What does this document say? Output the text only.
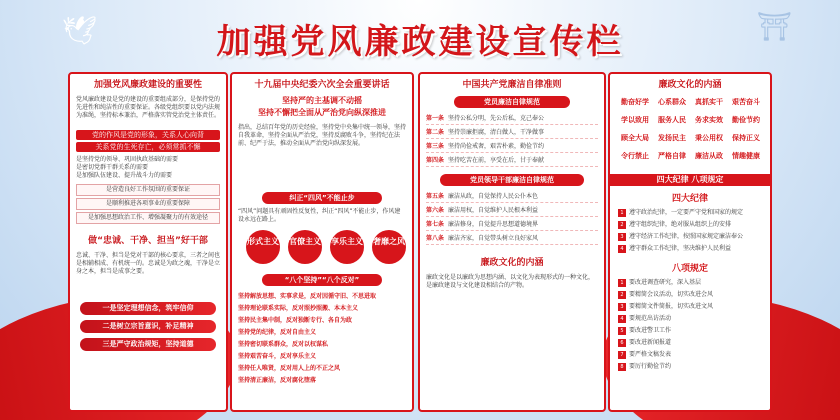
🕊	⛩
加强党风廉政建设宣传栏
加强党风廉政建设的重要性
党风廉政建设是党的建设的重要组成部分，是保持党的先进性和纯洁性的重要保证。各级党组织要以党内法规为准绳，坚持标本兼治，严格落实管党治党主体责任。
党的作风是党的形象，关系人心向背
关系党的生死存亡，必须常抓不懈
是坚持党的领导、巩固执政基础的需要
是密切党群干群关系的需要
是加强队伍建设、提升战斗力的需要
是营造良好工作氛围的重要保证
是顺利推进各项事业的重要保障
是加强思想政治工作、增强凝聚力的有效途径
做“忠诚、干净、担当”好干部
忠诚、干净、担当是党对干部的核心要求，三者之间也是相辅相成、有机统一的。忠诚是为政之魂，干净是立身之本，担当是成事之要。
一是坚定理想信念，筑牢信仰
二是树立宗旨意识，补足精神
三是严守政治规矩，坚持道德
十九届中央纪委六次全会重要讲话
坚持严的主基调不动摇
坚持不懈把全面从严治党向纵深推进
指出，总结百年党的历史经验，坚持党中央集中统一领导，坚持自我革命，坚持全面从严治党，坚持反腐败斗争，坚持纪在法前、纪严于法，推动全面从严治党向纵深发展。
纠正“四风”不能止步
“四风”问题具有顽固性反复性，纠正“四风”不能止步，作风建设永远在路上。
形式主义 官僚主义 享乐主义 奢靡之风
“八个坚持”“八个反对”
坚持解放思想、实事求是，反对因循守旧、不思进取
坚持理论联系实际，反对照抄照搬、本本主义
坚持民主集中制，反对独断专行、各自为政
坚持党的纪律，反对自由主义
坚持密切联系群众，反对以权谋私
坚持艰苦奋斗，反对享乐主义
坚持任人唯贤，反对用人上的不正之风
坚持清正廉洁，反对腐化堕落
中国共产党廉洁自律准则
党员廉洁自律规范
第一条 坚持公私分明，先公后私，克己奉公
第二条 坚持崇廉拒腐，清白做人，干净做事
第三条 坚持尚俭戒奢，艰苦朴素，勤俭节约
第四条 坚持吃苦在前，享受在后，甘于奉献
党员领导干部廉洁自律规范
第五条 廉洁从政，自觉保持人民公仆本色
第六条 廉洁用权，自觉维护人民根本利益
第七条 廉洁修身，自觉提升思想道德境界
第八条 廉洁齐家，自觉带头树立良好家风
廉政文化的内涵
廉政文化是以廉政为思想内涵、以文化为表现形式的一种文化，是廉政建设与文化建设相结合的产物。
廉政文化的内涵
勤奋好学	心系群众	真抓实干	艰苦奋斗
学以致用	服务人民	务求实效	勤俭节约
顾全大局	发扬民主	秉公用权	保持正义
令行禁止	严格自律	廉洁从政	情趣健康
四大纪律 八项规定
四大纪律
1 遵守政治纪律，一定要严守党和国家的规定
2 遵守组织纪律，绝对服从组织上的安排
3 遵守经济工作纪律，按照国家规定廉洁奉公
4 遵守群众工作纪律，坚决维护人民利益
八项规定
1 要改进调查研究，深入基层
2 要精简会议活动，切实改进会风
3 要精简文件简报，切实改进文风
4 要规范出访活动
5 要改进警卫工作
6 要改进新闻报道
7 要严格文稿发表
8 要厉行勤俭节约
